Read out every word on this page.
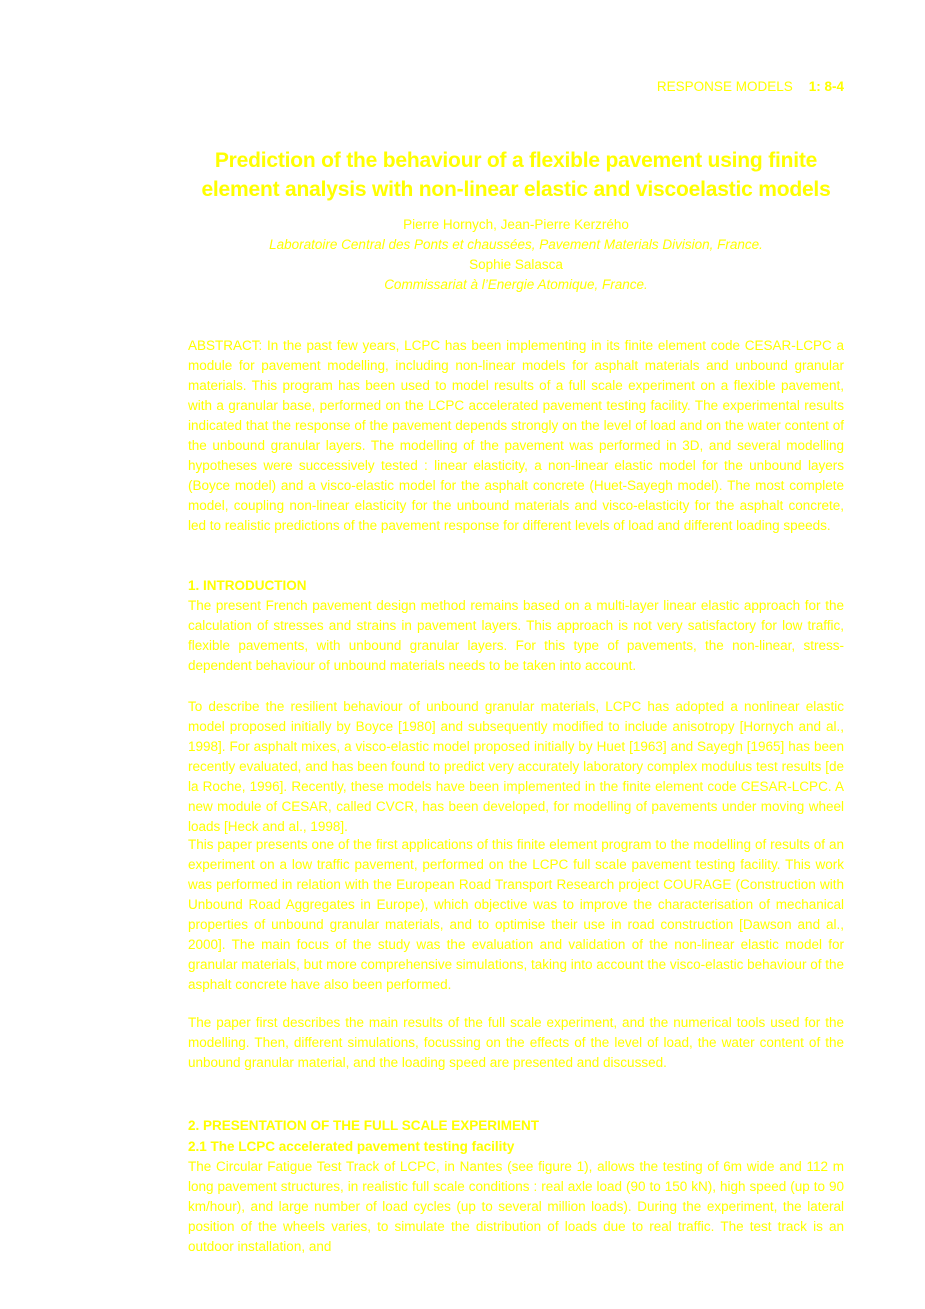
RESPONSE MODELS 1: 8-4
Prediction of the behaviour of a flexible pavement using finite
element analysis with non-linear elastic and viscoelastic models
Pierre Hornych, Jean-Pierre Kerzrého
Laboratoire Central des Ponts et chaussées, Pavement Materials Division, France.
Sophie Salasca
Commissariat à l’Energie Atomique, France.
ABSTRACT: In the past few years, LCPC has been implementing in its finite element code CESAR-LCPC a module for pavement modelling, including non-linear models for asphalt materials and unbound granular materials. This program has been used to model results of a full scale experiment on a flexible pavement, with a granular base, performed on the LCPC accelerated pavement testing facility. The experimental results indicated that the response of the pavement depends strongly on the level of load and on the water content of the unbound granular layers. The modelling of the pavement was performed in 3D, and several modelling hypotheses were successively tested : linear elasticity, a non-linear elastic model for the unbound layers (Boyce model) and a visco-elastic model for the asphalt concrete (Huet-Sayegh model). The most complete model, coupling non-linear elasticity for the unbound materials and visco-elasticity for the asphalt concrete, led to realistic predictions of the pavement response for different levels of load and different loading speeds.
1. INTRODUCTION
The present French pavement design method remains based on a multi-layer linear elastic approach for the calculation of stresses and strains in pavement layers. This approach is not very satisfactory for low traffic, flexible pavements, with unbound granular layers. For this type of pavements, the non-linear, stress-dependent behaviour of unbound materials needs to be taken into account.
To describe the resilient behaviour of unbound granular materials, LCPC has adopted a nonlinear elastic model proposed initially by Boyce [1980] and subsequently modified to include anisotropy [Hornych and al., 1998]. For asphalt mixes, a visco-elastic model proposed initially by Huet [1963] and Sayegh [1965] has been recently evaluated, and has been found to predict very accurately laboratory complex modulus test results [de la Roche, 1996]. Recently, these models have been implemented in the finite element code CESAR-LCPC. A new module of CESAR, called CVCR, has been developed, for modelling of pavements under moving wheel loads [Heck and al., 1998].
This paper presents one of the first applications of this finite element program to the modelling of results of an experiment on a low traffic pavement, performed on the LCPC full scale pavement testing facility. This work was performed in relation with the European Road Transport Research project COURAGE (Construction with Unbound Road Aggregates in Europe), which objective was to improve the characterisation of mechanical properties of unbound granular materials, and to optimise their use in road construction [Dawson and al., 2000]. The main focus of the study was the evaluation and validation of the non-linear elastic model for granular materials, but more comprehensive simulations, taking into account the visco-elastic behaviour of the asphalt concrete have also been performed.
The paper first describes the main results of the full scale experiment, and the numerical tools used for the modelling. Then, different simulations, focussing on the effects of the level of load, the water content of the unbound granular material, and the loading speed are presented and discussed.
2. PRESENTATION OF THE FULL SCALE EXPERIMENT
2.1 The LCPC accelerated pavement testing facility
The Circular Fatigue Test Track of LCPC, in Nantes (see figure 1), allows the testing of 6m wide and 112 m long pavement structures, in realistic full scale conditions : real axle load (90 to 150 kN), high speed (up to 90 km/hour), and large number of load cycles (up to several million loads). During the experiment, the lateral position of the wheels varies, to simulate the distribution of loads due to real traffic. The test track is an outdoor installation, and
